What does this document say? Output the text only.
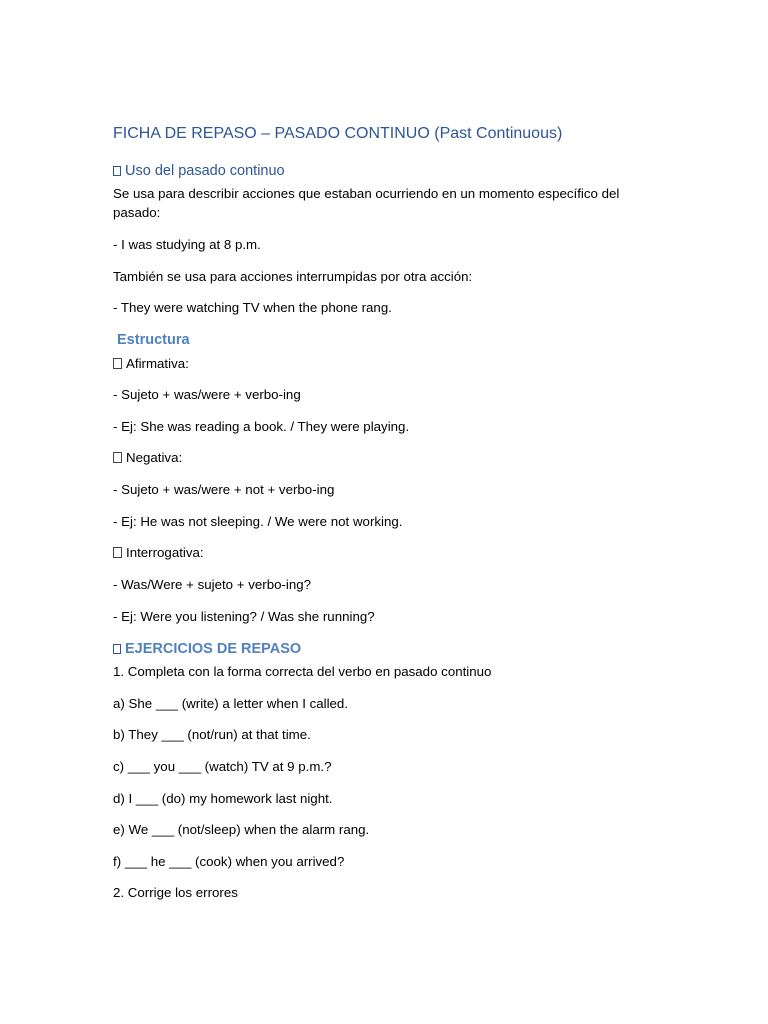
FICHA DE REPASO – PASADO CONTINUO (Past Continuous)
Uso del pasado continuo

Se usa para describir acciones que estaban ocurriendo en un momento específico del pasado:

- I was studying at 8 p.m.

También se usa para acciones interrumpidas por otra acción:

- They were watching TV when the phone rang.

Estructura

Afirmativa:

- Sujeto + was/were + verbo-ing

- Ej: She was reading a book. / They were playing.

Negativa:

- Sujeto + was/were + not + verbo-ing

- Ej: He was not sleeping. / We were not working.

Interrogativa:

- Was/Were + sujeto + verbo-ing?

- Ej: Were you listening? / Was she running?

EJERCICIOS DE REPASO

1. Completa con la forma correcta del verbo en pasado continuo

a) She ___ (write) a letter when I called.

b) They ___ (not/run) at that time.

c) ___ you ___ (watch) TV at 9 p.m.?

d) I ___ (do) my homework last night.

e) We ___ (not/sleep) when the alarm rang.

f) ___ he ___ (cook) when you arrived?

2. Corrige los errores
